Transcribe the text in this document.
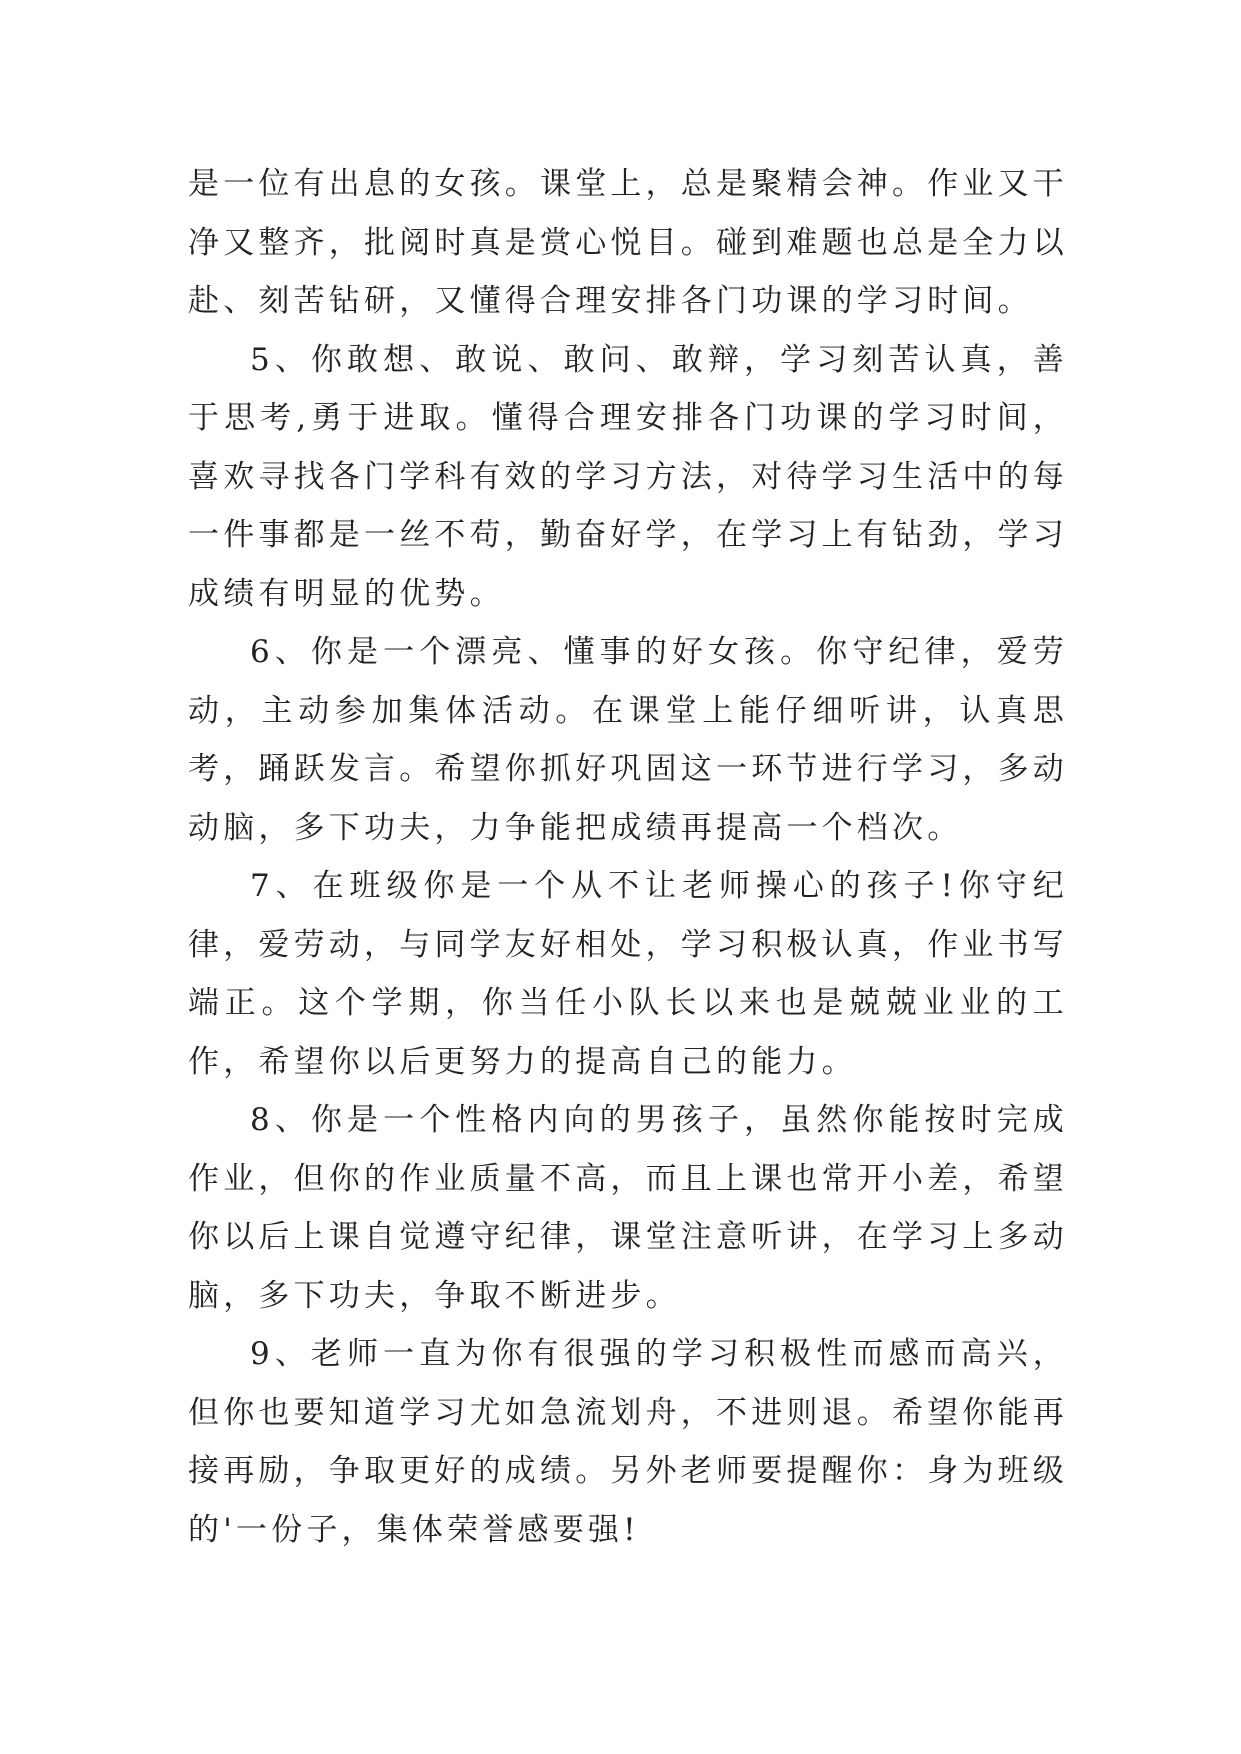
是一位有出息的女孩。课堂上，总是聚精会神。作业又干净又整齐，批阅时真是赏心悦目。碰到难题也总是全力以赴、刻苦钻研，又懂得合理安排各门功课的学习时间。

5、你敢想、敢说、敢问、敢辩，学习刻苦认真，善于思考,勇于进取。懂得合理安排各门功课的学习时间，喜欢寻找各门学科有效的学习方法，对待学习生活中的每一件事都是一丝不苟，勤奋好学，在学习上有钻劲，学习成绩有明显的优势。

6、你是一个漂亮、懂事的好女孩。你守纪律，爱劳动，主动参加集体活动。在课堂上能仔细听讲，认真思考，踊跃发言。希望你抓好巩固这一环节进行学习，多动动脑，多下功夫，力争能把成绩再提高一个档次。

7、在班级你是一个从不让老师操心的孩子!你守纪律，爱劳动，与同学友好相处，学习积极认真，作业书写端正。这个学期，你当任小队长以来也是兢兢业业的工作，希望你以后更努力的提高自己的能力。

8、你是一个性格内向的男孩子，虽然你能按时完成作业，但你的作业质量不高，而且上课也常开小差，希望你以后上课自觉遵守纪律，课堂注意听讲，在学习上多动脑，多下功夫，争取不断进步。

9、老师一直为你有很强的学习积极性而感而高兴，但你也要知道学习尤如急流划舟，不进则退。希望你能再接再励，争取更好的成绩。另外老师要提醒你：身为班级的'一份子，集体荣誉感要强!
